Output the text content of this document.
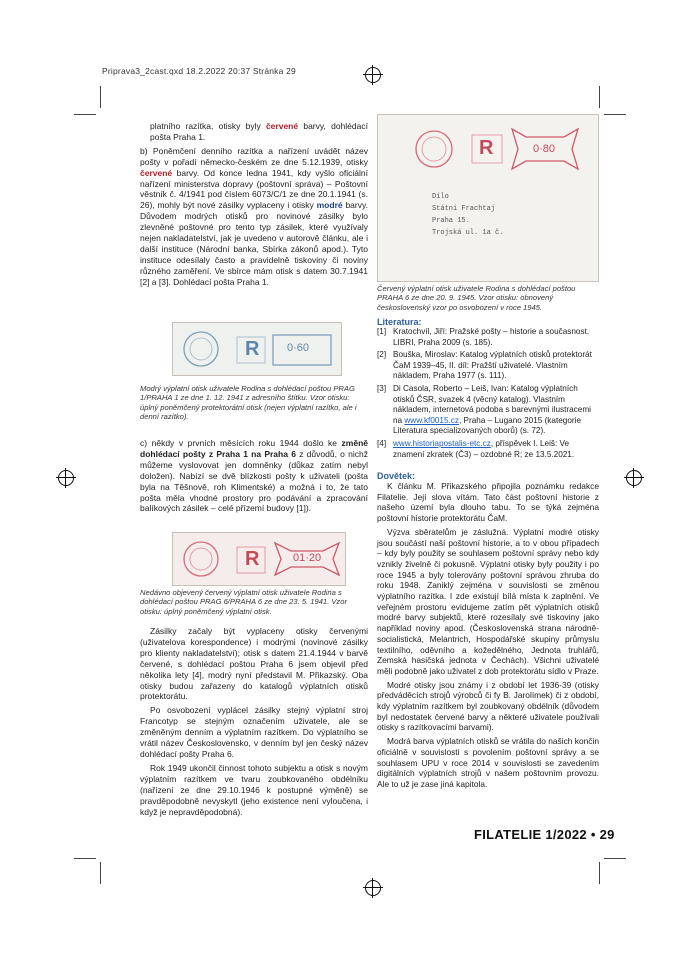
Priprava3_2cast.qxd 18.2.2022 20:37 Stránka 29

platního razítka, otisky byly červené barvy, dohlédací pošta Praha 1.

b) Poněmčení denního razítka a nařízení uvádět název pošty v pořadí německo-českém ze dne 5.12.1939, otisky červené barvy. Od konce ledna 1941, kdy vyšlo oficiální nařízení ministerstva dopravy (poštovní správa) – Poštovní věstník č. 4/1941 pod číslem 6073/C/1 ze dne 20.1.1941 (s. 26), mohly být nové zásilky vyplaceny i otisky modré barvy. Důvodem modrých otisků pro novinové zásilky bylo zlevněné poštovné pro tento typ zásilek, které využívaly nejen nakladatelství, jak je uvedeno v autorově článku, ale i další instituce (Národní banka, Sbírka zákonů apod.). Tyto instituce odesílaly často a pravidelně tiskoviny či noviny různého zaměření. Ve sbírce mám otisk s datem 30.7.1941 [2] a [3]. Dohlédací pošta Praha 1.

R	0·60
Modrý výplatní otisk uživatele Rodina s dohlédací poštou PRAG 1/PRAHA 1 ze dne 1. 12. 1941 z adresního štítku. Vzor otisku: úplný poněmčený protektorátní otisk (nejen výplatní razítko, ale i denní razítko).
c) někdy v prvních měsících roku 1944 došlo ke změně dohlédací pošty z Praha 1 na Praha 6 z důvodů, o nichž můžeme vyslovovat jen domněnky (důkaz zatím nebyl doložen). Nabízí se dvě blízkosti pošty k uživateli (pošta byla na Těšnově, roh Klimentské) a možná i to, že tato pošta měla vhodné prostory pro podávání a zpracování balíkových zásilek – celé přízemí budovy [1]).
R	01·20
Nedávno objevený červený výplatní otisk uživatele Rodina s dohlédací poštou PRAG 6/PRAHA 6 ze dne 23. 5. 1941. Vzor otisku: úplný poněmčený výplatní otisk.

Zásilky začaly být vyplaceny otisky červenými (uživatelova korespondence) i modrými (novinové zásilky pro klienty nakladatelství); otisk s datem 21.4.1944 v barvě červené, s dohlédací poštou Praha 6 jsem objevil před několika lety [4], modrý nyní představil M. Přikazský. Oba otisky budou zařazeny do katalogů výplatních otisků protektorátu.

Po osvobození vyplácel zásilky stejný výplatní stroj Francotyp se stejným označením uživatele, ale se změněným denním a výplatním razítkem. Do výplatního se vrátil název Československo, v denním byl jen český název dohlédací pošty Praha 6.

Rok 1949 ukončil činnost tohoto subjektu a otisk s novým výplatním razítkem ve tvaru zoubkovaného obdélníku (nařízení ze dne 29.10.1946 k postupné výměně) se pravděpodobně nevyskytl (jeho existence není vyloučena, i když je nepravděpodobná).

R	0·80
Dílo
Státní Frachtaj
Praha 15.
Trojská ul. 1a č.
Červený výplatní otisk uživatele Rodina s dohlédací poštou PRAHA 6 ze dne 20. 9. 1945. Vzor otisku: obnovený československý vzor po osvobození v roce 1945.
Literatura:
[1] Kratochvíl, Jiří: Pražské pošty – historie a současnost. LIBRI, Praha 2009 (s. 185).
[2] Bouška, Miroslav: Katalog výplatních otisků protektorát ČaM 1939–45, II. díl: Pražští uživatelé. Vlastním nákladem, Praha 1977 (s. 111).
[3] Di Casola, Roberto – Leiš, Ivan: Katalog výplatních otisků ČSR, svazek 4 (věcný katalog). Vlastním nákladem, internetová podoba s barevnými ilustracemi na www.kf0015.cz, Praha – Lugano 2015 (kategorie Literatura specializovaných oborů) (s. 72).
[4] www.historiapostalis-etc.cz, příspěvek I. Leiš: Ve znamení zkratek (Č3) – ozdobné R; ze 13.5.2021.
Dovětek:

K článku M. Přikazského připojila poznámku redakce Filatelie. Její slova vítám. Tato část poštovní historie z našeho území byla dlouho tabu. To se týká zejména poštovní historie protektorátu ČaM.

Výzva sběratelům je záslužná. Výplatní modré otisky jsou součástí naší poštovní historie, a to v obou případech – kdy byly použity se souhlasem poštovní správy nebo kdy vznikly živelně či pokusně. Výplatní otisky byly použity i po roce 1945 a byly tolerovány poštovní správou zhruba do roku 1948. Zaniklý zejména v souvislosti se změnou výplatního razítka. I zde existují bílá místa k zaplnění. Ve veřejném prostoru evidujeme zatím pět výplatních otisků modré barvy subjektů, které rozesílaly své tiskoviny jako například noviny apod. (Československá strana národně-socialistická, Melantrich, Hospodářské skupiny průmyslu textilního, oděvního a kožedělného, Jednota truhlářů, Zemská hasičská jednota v Čechách). Všichni uživatelé měli podobně jako uživatel z dob protektorátu sídlo v Praze.

Modré otisky jsou známy i z období let 1936-39 (otisky předváděcích strojů výrobců či fy B. Jarolímek) či z období, kdy výplatním razítkem byl zoubkovaný obdélník (důvodem byl nedostatek červené barvy a některé uživatele používali otisky s razítkovacími barvami).

Modrá barva výplatních otisků se vrátila do našich končin oficiálně v souvislosti s povolením poštovní správy a se souhlasem UPU v roce 2014 v souvislosti se zavedením digitálních výplatních strojů v našem poštovním provozu. Ale to už je zase jiná kapitola.

FILATELIE 1/2022 • 29
